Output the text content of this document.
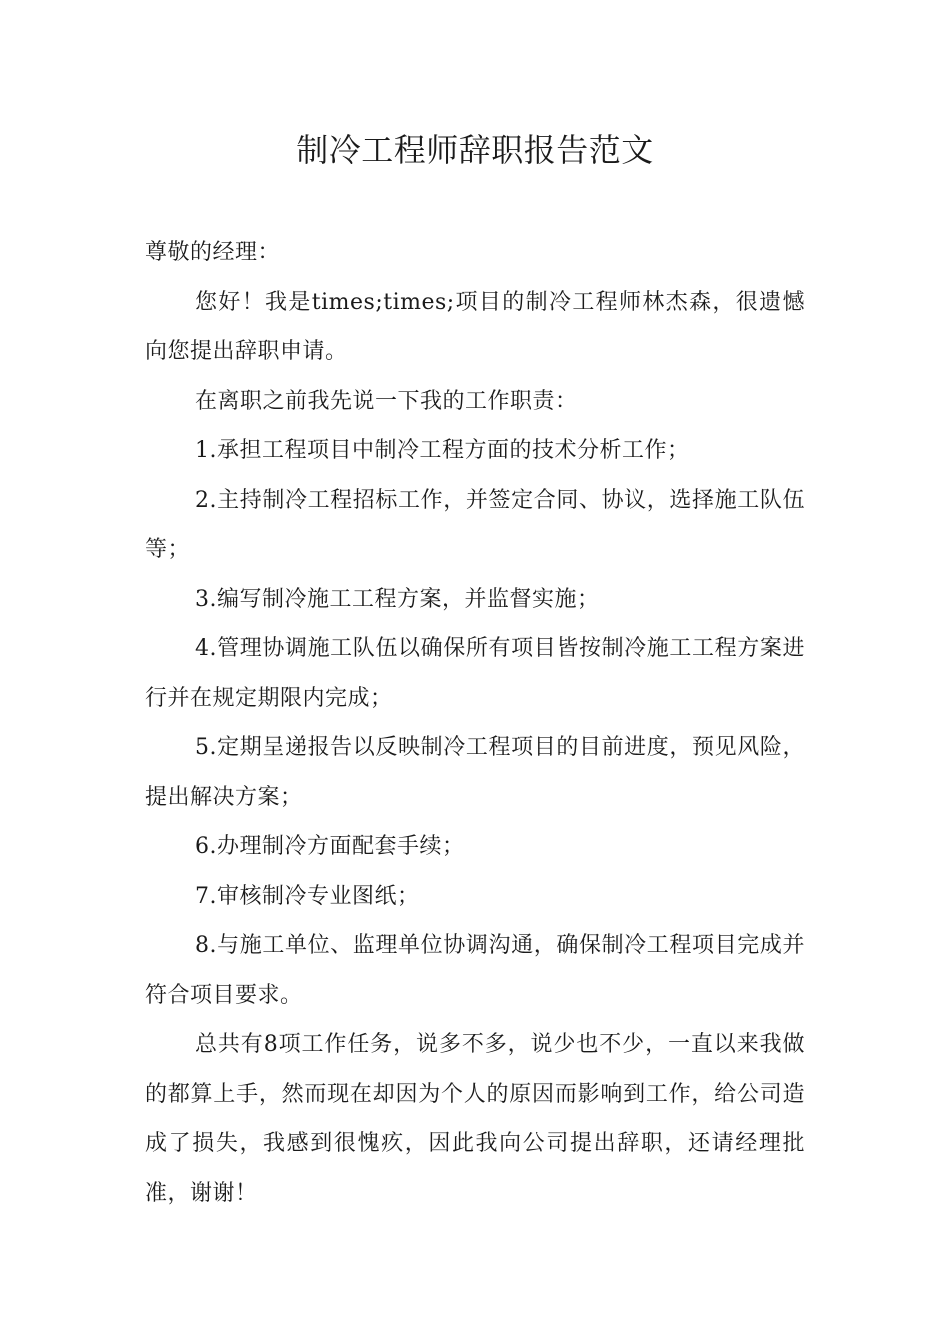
制冷工程师辞职报告范文

尊敬的经理：

您好！我是times;times;项目的制冷工程师林杰森，很遗憾向您提出辞职申请。

在离职之前我先说一下我的工作职责：

1.承担工程项目中制冷工程方面的技术分析工作；

2.主持制冷工程招标工作，并签定合同、协议，选择施工队伍等；

3.编写制冷施工工程方案，并监督实施；

4.管理协调施工队伍以确保所有项目皆按制冷施工工程方案进行并在规定期限内完成；

5.定期呈递报告以反映制冷工程项目的目前进度，预见风险，提出解决方案；

6.办理制冷方面配套手续；

7.审核制冷专业图纸；

8.与施工单位、监理单位协调沟通，确保制冷工程项目完成并符合项目要求。

总共有8项工作任务，说多不多，说少也不少，一直以来我做的都算上手，然而现在却因为个人的原因而影响到工作，给公司造成了损失，我感到很愧疚，因此我向公司提出辞职，还请经理批准，谢谢！
